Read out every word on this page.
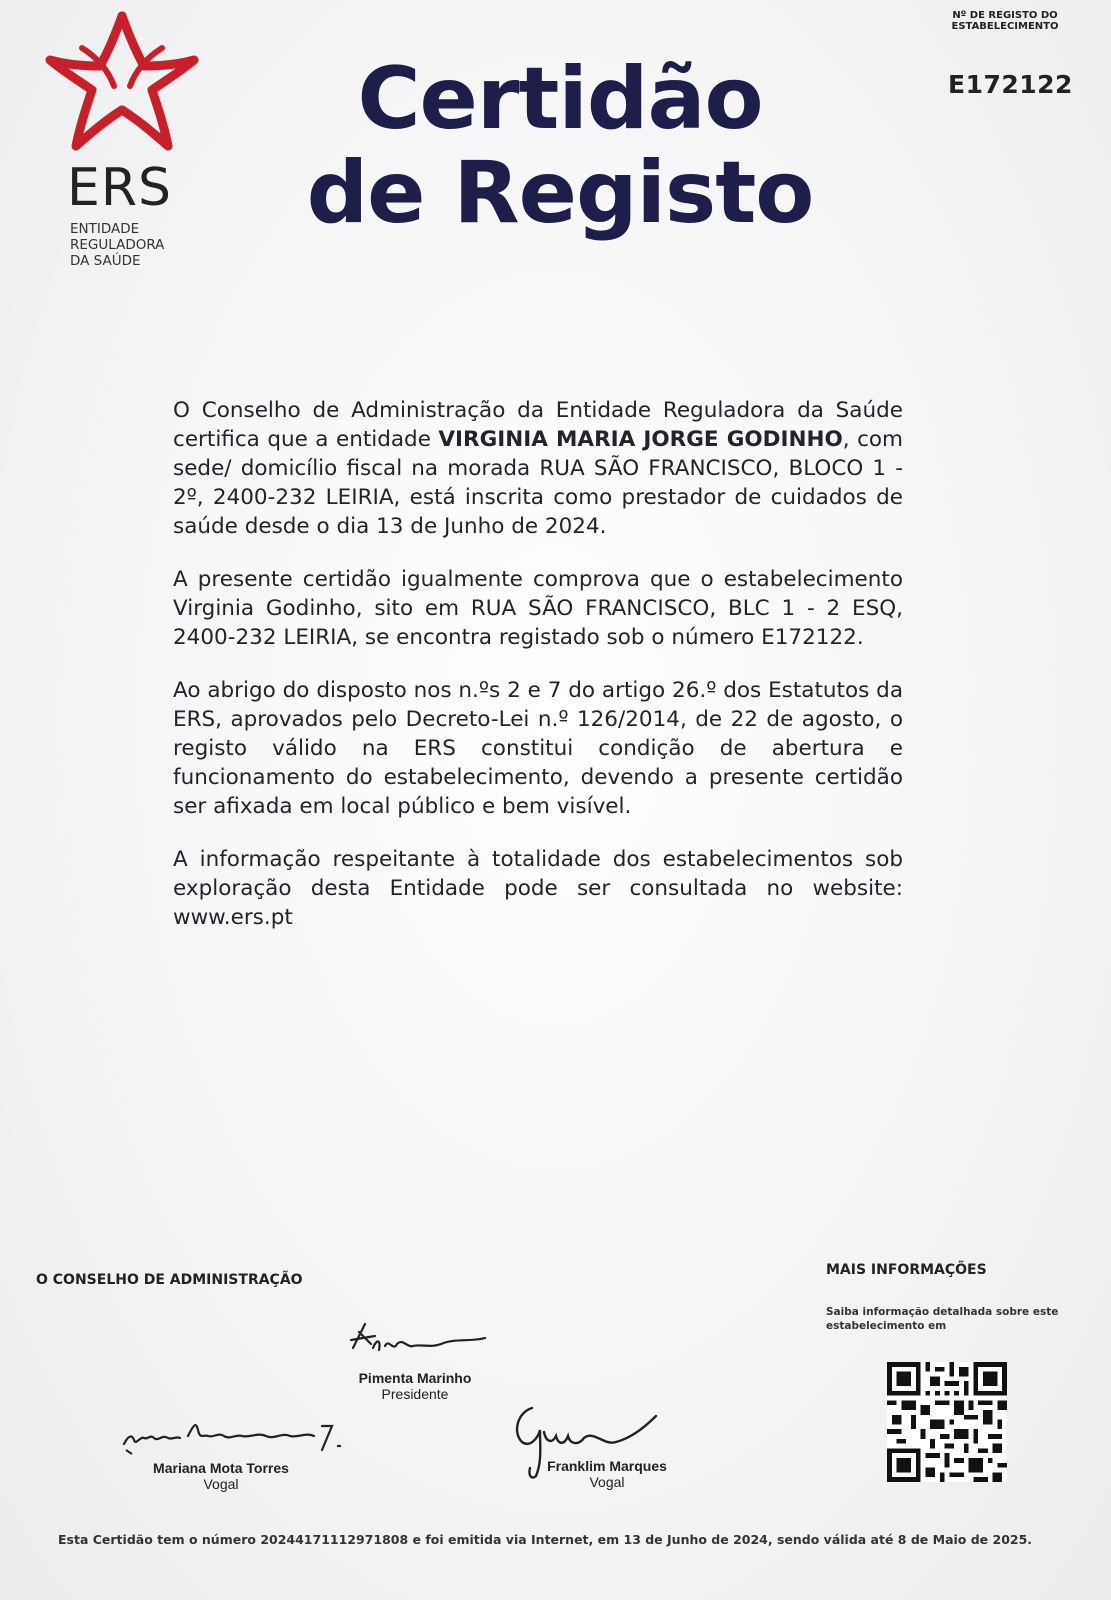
ERS
ENTIDADE
REGULADORA
DA SAÚDE
Certidão
de Registo
Nº DE REGISTO DO ESTABELECIMENTO
E172122

O Conselho de Administração da Entidade Reguladora da Saúde certifica que a entidade VIRGINIA MARIA JORGE GODINHO, com sede/ domicílio fiscal na morada RUA SÃO FRANCISCO, BLOCO 1 - 2º, 2400-232 LEIRIA, está inscrita como prestador de cuidados de saúde desde o dia 13 de Junho de 2024.

A presente certidão igualmente comprova que o estabelecimento Virginia Godinho, sito em RUA SÃO FRANCISCO, BLC 1 - 2 ESQ, 2400-232 LEIRIA, se encontra registado sob o número E172122.

Ao abrigo do disposto nos n.ºs 2 e 7 do artigo 26.º dos Estatutos da ERS, aprovados pelo Decreto-Lei n.º 126/2014, de 22 de agosto, o registo válido na ERS constitui condição de abertura e funcionamento do estabelecimento, devendo a presente certidão ser afixada em local público e bem visível.

A informação respeitante à totalidade dos estabelecimentos sob exploração desta Entidade pode ser consultada no website: www.ers.pt

O CONSELHO DE ADMINISTRAÇÃO
Pimenta Marinho
Presidente
Mariana Mota Torres
Vogal
Franklim Marques
Vogal
MAIS INFORMAÇÕES
Saiba informação detalhada sobre este estabelecimento em
Esta Certidão tem o número 20244171112971808 e foi emitida via Internet, em 13 de Junho de 2024, sendo válida até 8 de Maio de 2025.
